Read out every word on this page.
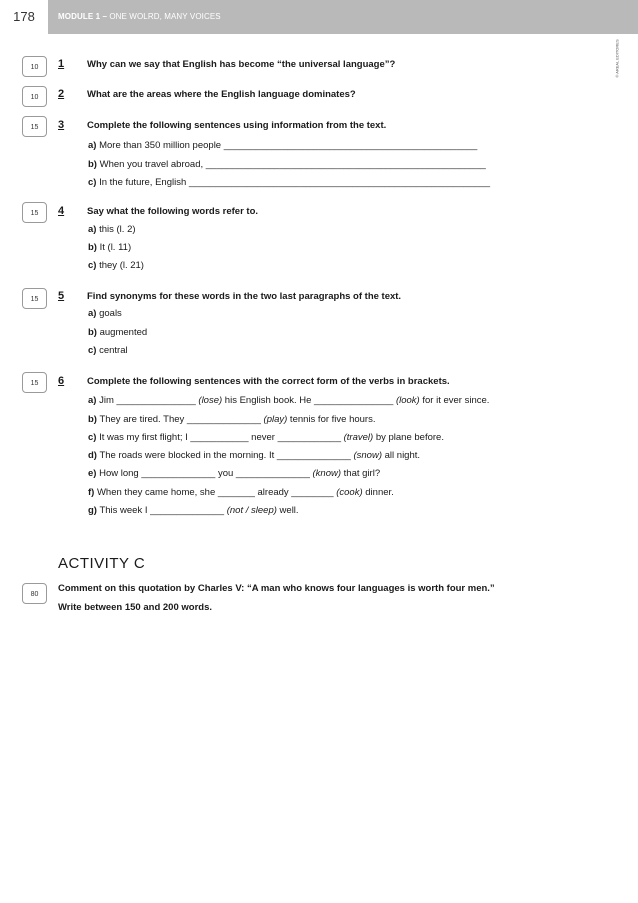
178	MODULE 1 – ONE WOLRD, MANY VOICES
© AREAL EDITORES
10	1 Why can we say that English has become “the universal language”?
10	2 What are the areas where the English language dominates?
15	3 Complete the following sentences using information from the text.
a) More than 350 million people ________________________________________________
b) When you travel abroad, _____________________________________________________
c) In the future, English _________________________________________________________
15	4 Say what the following words refer to.
a) this (l. 2)
b) It (l. 11)
c) they (l. 21)
15	5 Find synonyms for these words in the two last paragraphs of the text.
a) goals
b) augmented
c) central
15	6 Complete the following sentences with the correct form of the verbs in brackets.
a) Jim _______________ (lose) his English book. He _______________ (look) for it ever since.
b) They are tired. They ______________ (play) tennis for five hours.
c) It was my first flight; I ___________ never ____________ (travel) by plane before.
d) The roads were blocked in the morning. It ______________ (snow) all night.
e) How long ______________ you ______________ (know) that girl?
f) When they came home, she _______ already ________ (cook) dinner.
g) This week I ______________ (not / sleep) well.
ACTIVITY C
80
Comment on this quotation by Charles V: “A man who knows four languages is worth four men.”
Write between 150 and 200 words.
